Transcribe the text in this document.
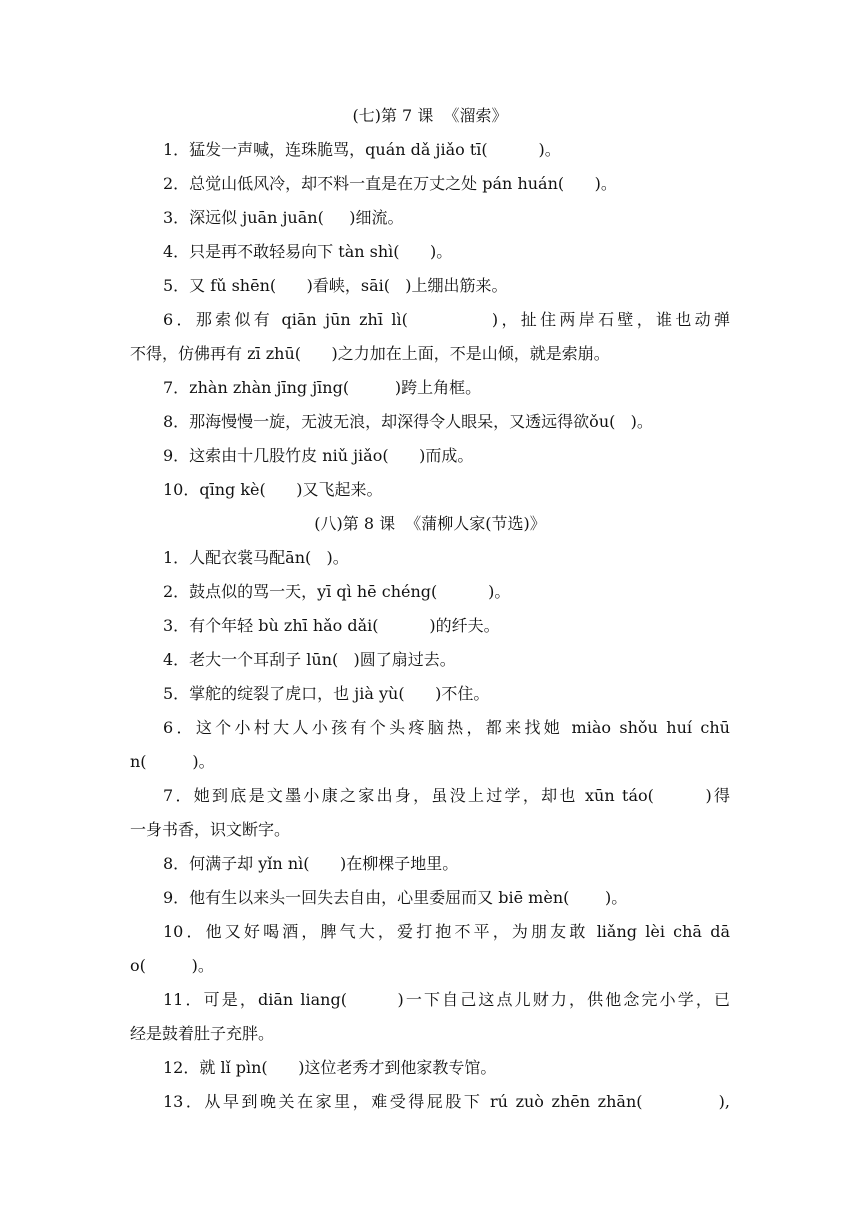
(七)第 7 课  《溜索》
1．猛发一声喊，连珠脆骂，quán dǎ jiǎo tī(          )。
2．总觉山低风冷，却不料一直是在万丈之处 pán huán(      )。
3．深远似 juān juān(     )细流。
4．只是再不敢轻易向下 tàn shì(      )。
5．又 fǔ shēn(      )看峡，sāi(   )上绷出筋来。
6．那索似有 qiān jūn zhī lì(          )，扯住两岸石壁，谁也动弹
不得，仿佛再有 zī zhū(      )之力加在上面，不是山倾，就是索崩。
7．zhàn zhàn jīng jīng(         )跨上角框。
8．那海慢慢一旋，无波无浪，却深得令人眼呆，又透远得欲ǒu(   )。
9．这索由十几股竹皮 niǔ jiǎo(      )而成。
10．qīng kè(      )又飞起来。
(八)第 8 课  《蒲柳人家(节选)》
1．人配衣裳马配ān(   )。
2．鼓点似的骂一天，yī qì hē chéng(          )。
3．有个年轻 bù zhī hǎo dǎi(          )的纤夫。
4．老大一个耳刮子 lūn(   )圆了扇过去。
5．掌舵的绽裂了虎口，也 jià yù(      )不住。
6．这个小村大人小孩有个头疼脑热，都来找她 miào shǒu huí chū
n(         )。
7．她到底是文墨小康之家出身，虽没上过学，却也 xūn táo(       )得
一身书香，识文断字。
8．何满子却 yǐn nì(      )在柳棵子地里。
9．他有生以来头一回失去自由，心里委屈而又 biē mèn(       )。
10．他又好喝酒，脾气大，爱打抱不平，为朋友敢 liǎng lèi chā dā
o(         )。
11．可是，diān liang(       )一下自己这点儿财力，供他念完小学，已
经是鼓着肚子充胖。
12．就 lǐ pìn(      )这位老秀才到他家教专馆。
13．从早到晚关在家里，难受得屁股下 rú zuò zhēn zhān(          ),
